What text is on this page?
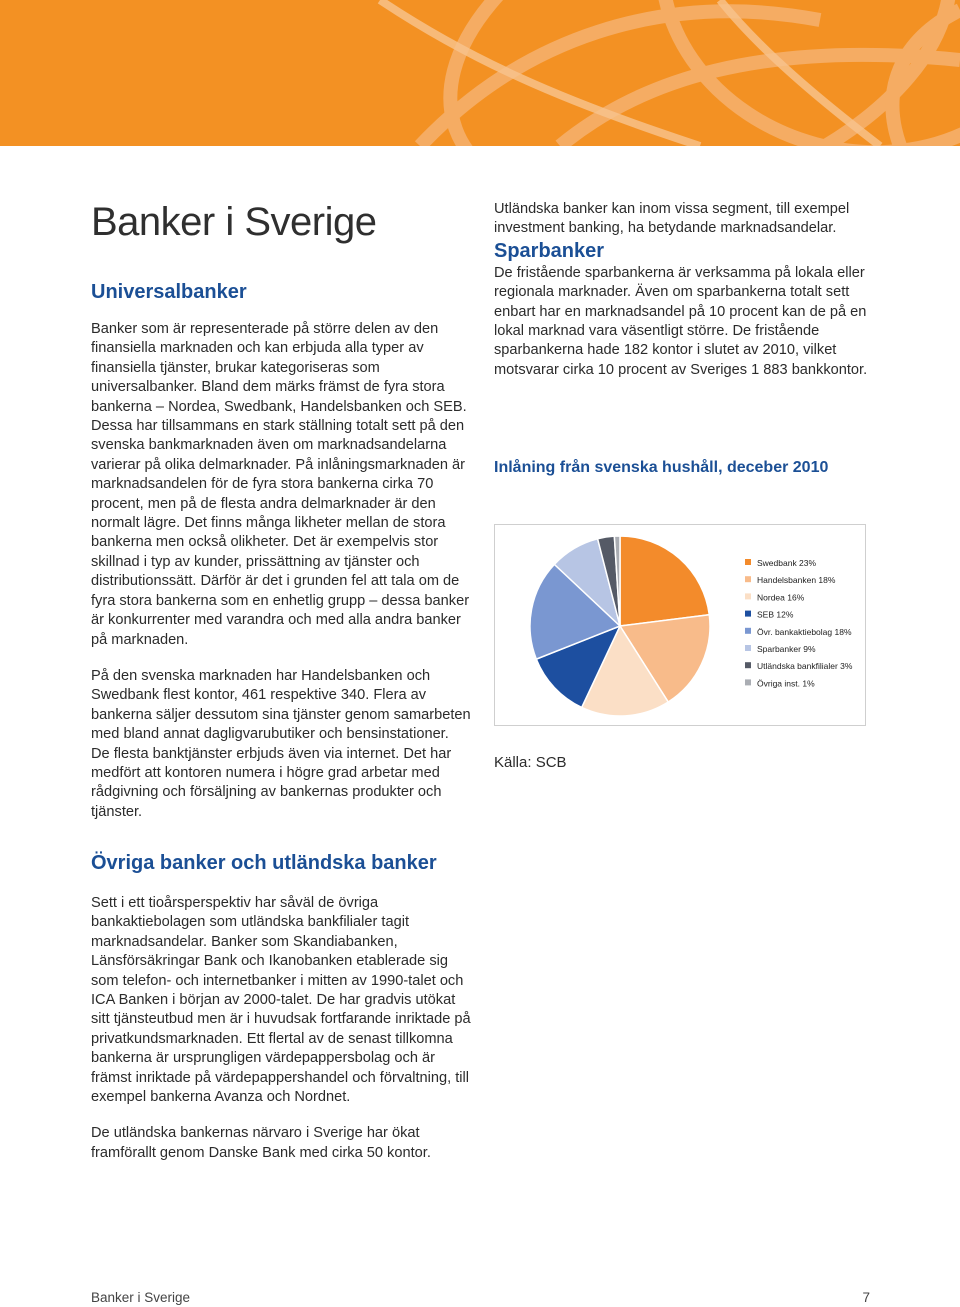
Banker i Sverige
Universalbanker

Banker som är representerade på större delen av den finansiella marknaden och kan erbjuda alla typer av finansiella tjänster, brukar kategoriseras som universalbanker. Bland dem märks främst de fyra stora bankerna – Nordea, Swedbank, Handelsbanken och SEB. Dessa har tillsammans en stark ställning totalt sett på den svenska bankmarknaden även om marknadsandelarna varierar på olika delmarknader. På inlåningsmarknaden är marknadsandelen för de fyra stora bankerna cirka 70 procent, men på de flesta andra delmarknader är den normalt lägre. Det finns många likheter mellan de stora bankerna men också olikheter. Det är exempelvis stor skillnad i typ av kunder, prissättning av tjänster och distributionssätt. Därför är det i grunden fel att tala om de fyra stora bankerna som en enhetlig grupp – dessa banker är konkurrenter med varandra och med alla andra banker på marknaden.

På den svenska marknaden har Handelsbanken och Swedbank flest kontor, 461 respektive 340. Flera av bankerna säljer dessutom sina tjänster genom samarbeten med bland annat dagligvarubutiker och bensinstationer. De flesta banktjänster erbjuds även via internet. Det har medfört att kontoren numera i högre grad arbetar med rådgivning och försäljning av bankernas produkter och tjänster.

Utländska banker kan inom vissa segment, till exempel investment banking, ha betydande marknadsandelar.

Sparbanker

De fristående sparbankerna är verksamma på lokala eller regionala marknader. Även om sparbankerna totalt sett enbart har en marknadsandel på 10 procent kan de på en lokal marknad vara väsentligt större. De fristående sparbankerna hade 182 kontor i slutet av 2010, vilket motsvarar cirka 10 procent av Sveriges 1 883 bankkontor.

Inlåning från svenska hushåll, deceber 2010
Swedbank 23%
Handelsbanken 18%
Nordea 16%
SEB 12%
Övr. bankaktiebolag 18%
Sparbanker 9%
Utländska bankfilialer 3%
Övriga inst. 1%

Källa: SCB

Övriga banker och utländska banker

Sett i ett tioårsperspektiv har såväl de övriga bankaktiebolagen som utländska bankfilialer tagit marknadsandelar. Banker som Skandiabanken, Länsförsäkringar Bank och Ikanobanken etablerade sig som telefon- och internetbanker i mitten av 1990-talet och ICA Banken i början av 2000-talet. De har gradvis utökat sitt tjänsteutbud men är i huvudsak fortfarande inriktade på privatkundsmarknaden. Ett flertal av de senast tillkomna bankerna är ursprungligen värdepappersbolag och är främst inriktade på värdepappershandel och förvaltning, till exempel bankerna Avanza och Nordnet.

De utländska bankernas närvaro i Sverige har ökat framförallt genom Danske Bank med cirka 50 kontor.

Banker i Sverige	7
